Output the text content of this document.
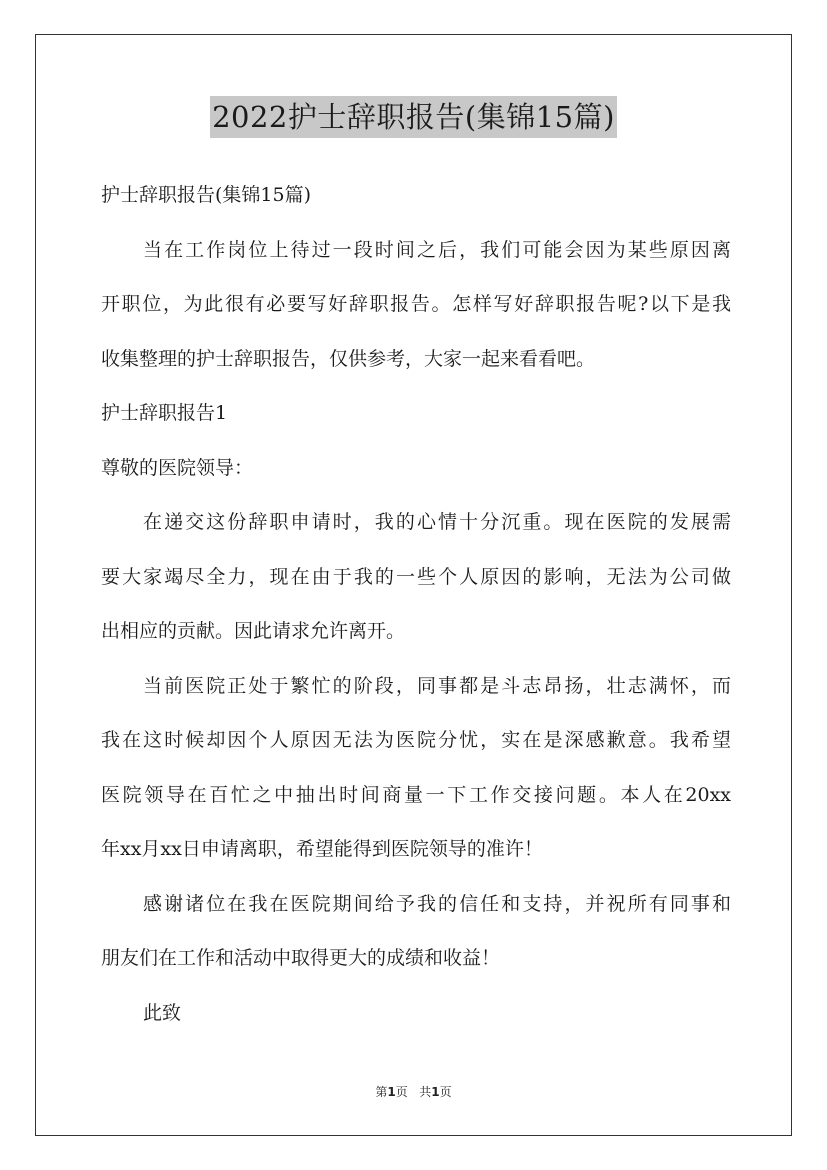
2022护士辞职报告(集锦15篇)
护士辞职报告(集锦15篇)
当在工作岗位上待过一段时间之后，我们可能会因为某些原因离
开职位，为此很有必要写好辞职报告。怎样写好辞职报告呢?以下是我
收集整理的护士辞职报告，仅供参考，大家一起来看看吧。
护士辞职报告1
尊敬的医院领导：
在递交这份辞职申请时，我的心情十分沉重。现在医院的发展需
要大家竭尽全力，现在由于我的一些个人原因的影响，无法为公司做
出相应的贡献。因此请求允许离开。
当前医院正处于繁忙的阶段，同事都是斗志昂扬，壮志满怀，而
我在这时候却因个人原因无法为医院分忧，实在是深感歉意。我希望
医院领导在百忙之中抽出时间商量一下工作交接问题。本人在20xx
年xx月xx日申请离职，希望能得到医院领导的准许！
感谢诸位在我在医院期间给予我的信任和支持，并祝所有同事和
朋友们在工作和活动中取得更大的成绩和收益！
此致
第1页 共1页
